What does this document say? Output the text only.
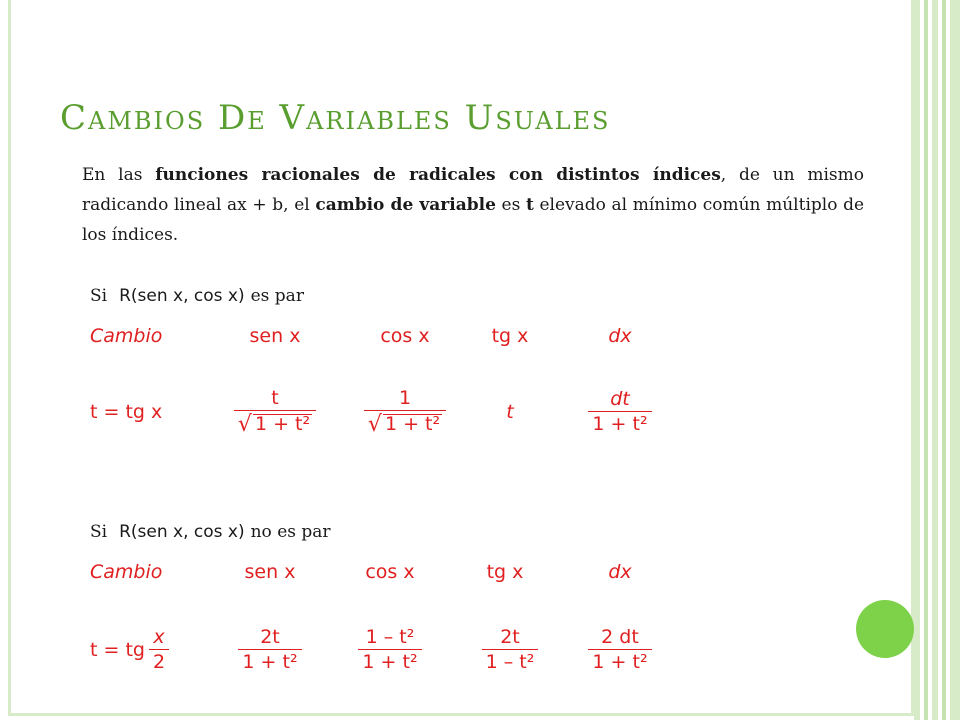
Cambios De Variables Usuales

En las funciones racionales de radicales con distintos índices, de un mismo radicando lineal ax + b, el cambio de variable es t elevado al mínimo común múltiplo de los índices.

Si R(sen x, cos x) es par
Cambio	sen x	cos x	tg x	dx
t = tg x	$\frac{t}{\text{√ 1 + t²}}$	$\frac{1}{\text{√ 1 + t²}}$	t	$\frac{dt}{\text{1 + t²}}$
Si R(sen x, cos x) no es par
Cambio	sen x	cos x	tg x	dx
t = tg $\frac{x}{2}$	$\frac{2t}{\text{1 + t²}}$	$\frac{\text{1 – t²}}{\text{1 + t²}}$	$\frac{2t}{\text{1 – t²}}$	$\frac{2 dt}{\text{1 + t²}}$
